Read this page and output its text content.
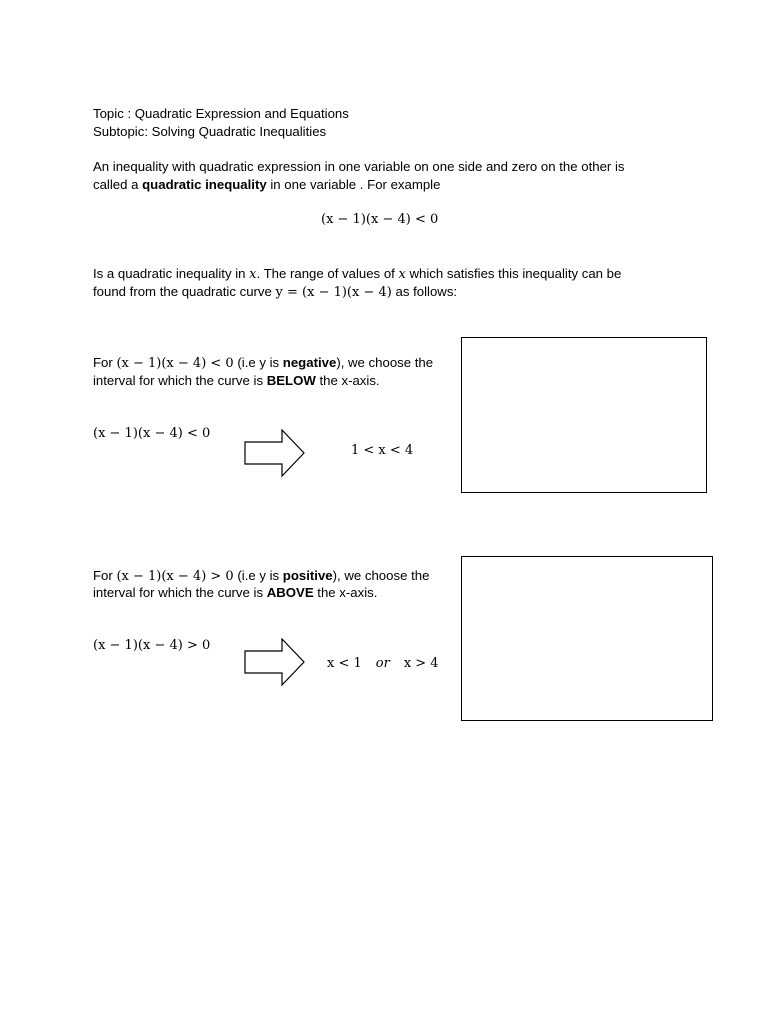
Topic : Quadratic Expression and Equations
Subtopic: Solving Quadratic Inequalities
An inequality with quadratic expression in one variable on one side and zero on the other is
called a quadratic inequality in one variable . For example
(x − 1)(x − 4) < 0
Is a quadratic inequality in x. The range of values of x which satisfies this inequality can be
found from the quadratic curve y = (x − 1)(x − 4) as follows:
For (x − 1)(x − 4) < 0 (i.e y is negative), we choose the
interval for which the curve is BELOW the x-axis.
(x − 1)(x − 4) < 0
1 < x < 4
For (x − 1)(x − 4) > 0 (i.e y is positive), we choose the
interval for which the curve is ABOVE the x-axis.
(x − 1)(x − 4) > 0
x < 1 or x > 4
